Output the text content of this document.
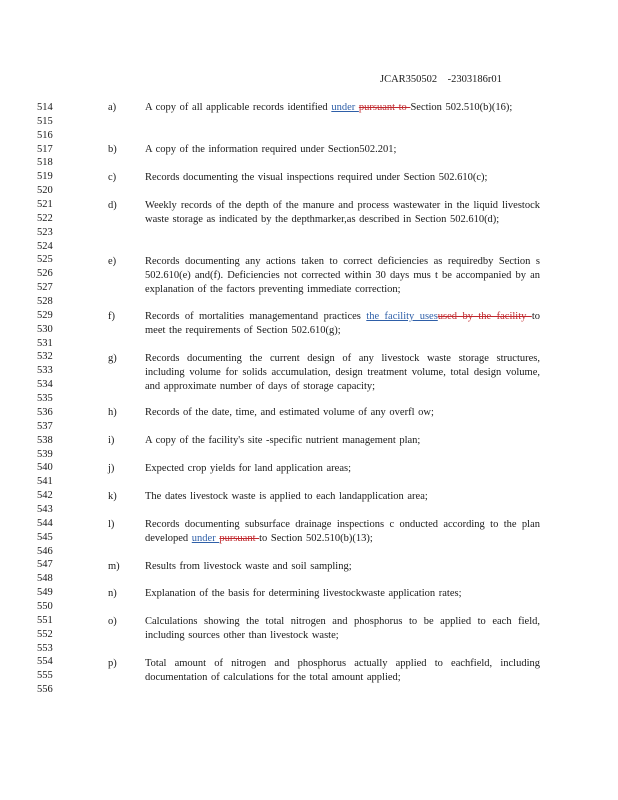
JCAR350502    -2303186r01
514
515
516
517
518
519
520
521
522
523
524
525
526
527
528
529
530
531
532
533
534
535
536
537
538
539
540
541
542
543
544
545
546
547
548
549
550
551
552
553
554
555
556
a)	A copy of all applicable records identified under pursuant to Section 502.510(b)(16);
b)	A copy of the information required under Section502.201;
c)	Records documenting the visual inspections required under Section 502.610(c);
d)	Weekly records of the depth of the manure and process wastewater in the liquid livestock waste storage as indicated by the depthmarker,as described in Section 502.610(d);
e)	Records documenting any actions taken to correct deficiencies as requiredby Section s 502.610(e) and(f). Deficiencies not corrected within 30 days mus t be accompanied by an explanation of the factors preventing immediate correction;
f)	Records of mortalities managementand practices the facility usesused by the facility to meet the requirements of Section 502.610(g);
g)	Records documenting the current design of any livestock waste storage structures, including volume for solids accumulation, design treatment volume, total design volume, and approximate number of days of storage capacity;
h)	Records of the date, time, and estimated volume of any overfl ow;
i)	A copy of the facility's site -specific nutrient management plan;
j)	Expected crop yields for land application areas;
k)	The dates livestock waste is applied to each landapplication area;
l)	Records documenting subsurface drainage inspections c onducted according to the plan developed under pursuant to Section 502.510(b)(13);
m) Results from livestock waste and soil sampling;
n)	Explanation of the basis for determining livestockwaste application rates;
o)	Calculations showing the total nitrogen and phosphorus to be applied to each field, including sources other than livestock waste;
p)	Total amount of nitrogen and phosphorus actually applied to eachfield, including documentation of calculations for the total amount applied;
